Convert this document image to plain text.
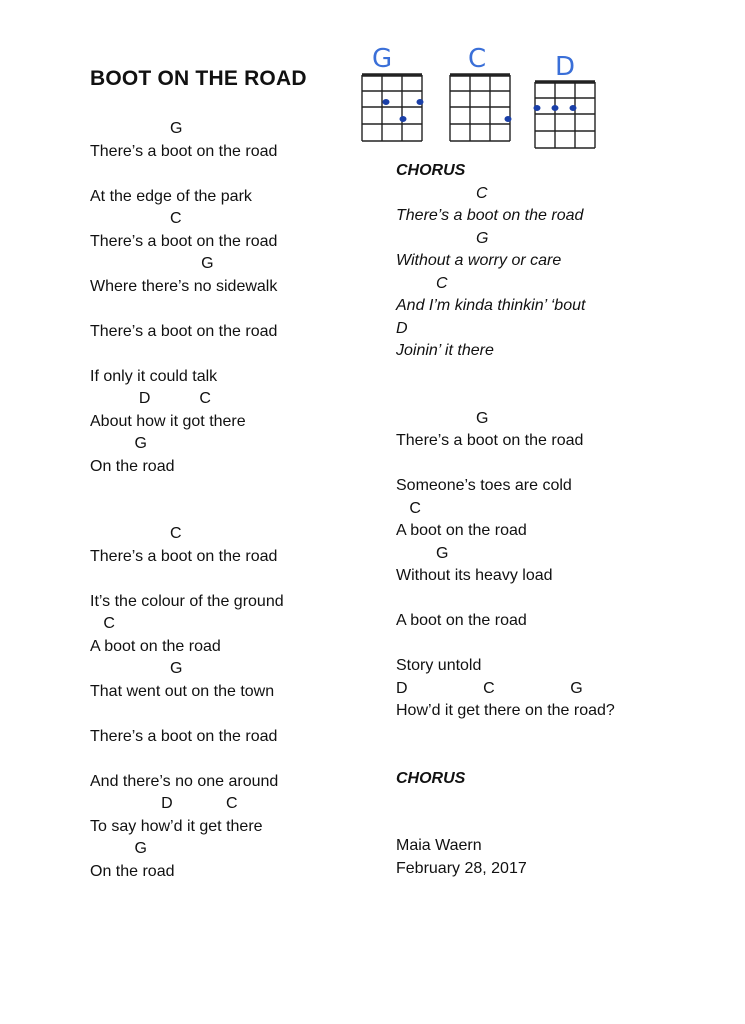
BOOT ON THE ROAD
G	C	D
G
There’s a boot on the road
At the edge of the park
C
There’s a boot on the road
G
Where there’s no sidewalk
There’s a boot on the road
If only it could talk
D           C
About how it got there
G
On the road
C
There’s a boot on the road
It’s the colour of the ground
C
A boot on the road
G
That went out on the town
There’s a boot on the road
And there’s no one around
D            C
To say how’d it get there
G
On the road
CHORUS
C
There’s a boot on the road
G
Without a worry or care
C
And I’m kinda thinkin’ ‘bout
D
Joinin’ it there
G
There’s a boot on the road
Someone’s toes are cold
C
A boot on the road
G
Without its heavy load
A boot on the road
Story untold
D                 C                 G
How’d it get there on the road?
CHORUS
Maia Waern
February 28, 2017
